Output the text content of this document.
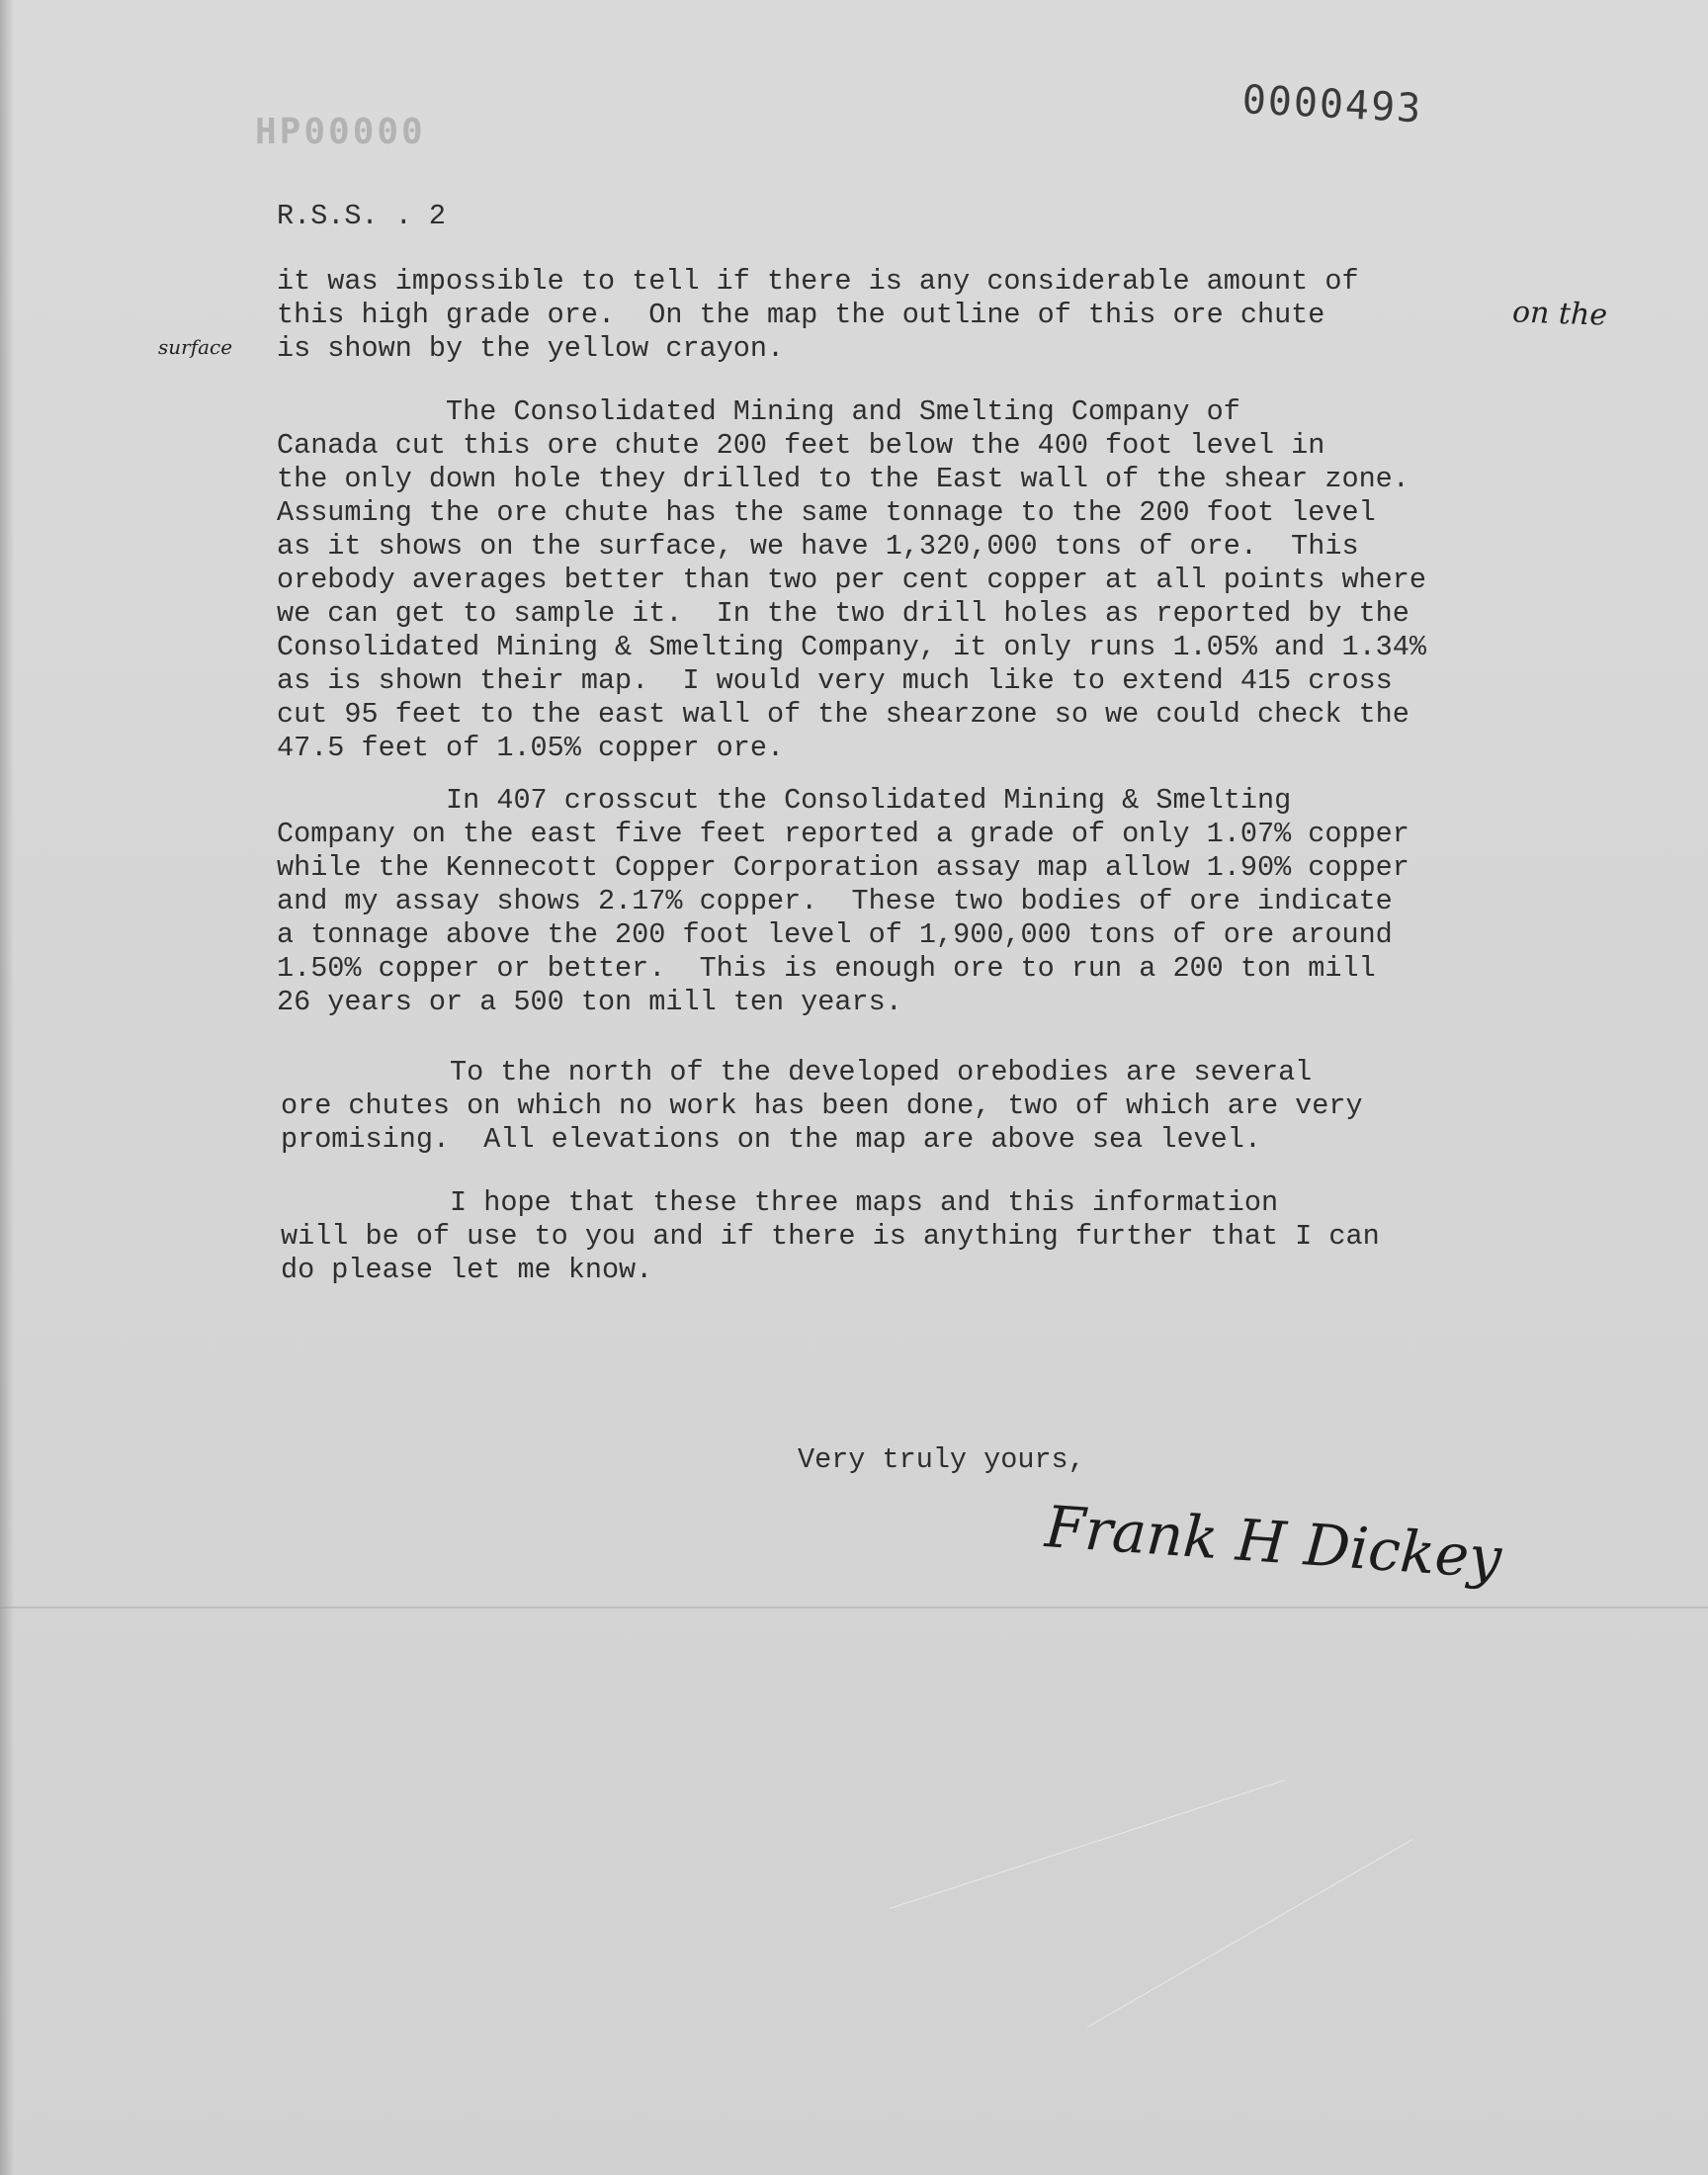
0000493
HP00000
R.S.S. . 2
it was impossible to tell if there is any considerable amount of
this high grade ore.  On the map the outline of this ore chute
is shown by the yellow crayon.
on the
surface
The Consolidated Mining and Smelting Company of
Canada cut this ore chute 200 feet below the 400 foot level in
the only down hole they drilled to the East wall of the shear zone.
Assuming the ore chute has the same tonnage to the 200 foot level
as it shows on the surface, we have 1,320,000 tons of ore.  This
orebody averages better than two per cent copper at all points where
we can get to sample it.  In the two drill holes as reported by the
Consolidated Mining & Smelting Company, it only runs 1.05% and 1.34%
as is shown their map.  I would very much like to extend 415 cross
cut 95 feet to the east wall of the shearzone so we could check the
47.5 feet of 1.05% copper ore.
In 407 crosscut the Consolidated Mining & Smelting
Company on the east five feet reported a grade of only 1.07% copper
while the Kennecott Copper Corporation assay map allow 1.90% copper
and my assay shows 2.17% copper.  These two bodies of ore indicate
a tonnage above the 200 foot level of 1,900,000 tons of ore around
1.50% copper or better.  This is enough ore to run a 200 ton mill
26 years or a 500 ton mill ten years.
To the north of the developed orebodies are several
ore chutes on which no work has been done, two of which are very
promising.  All elevations on the map are above sea level.
I hope that these three maps and this information
will be of use to you and if there is anything further that I can
do please let me know.
Very truly yours,
Frank H Dickey
